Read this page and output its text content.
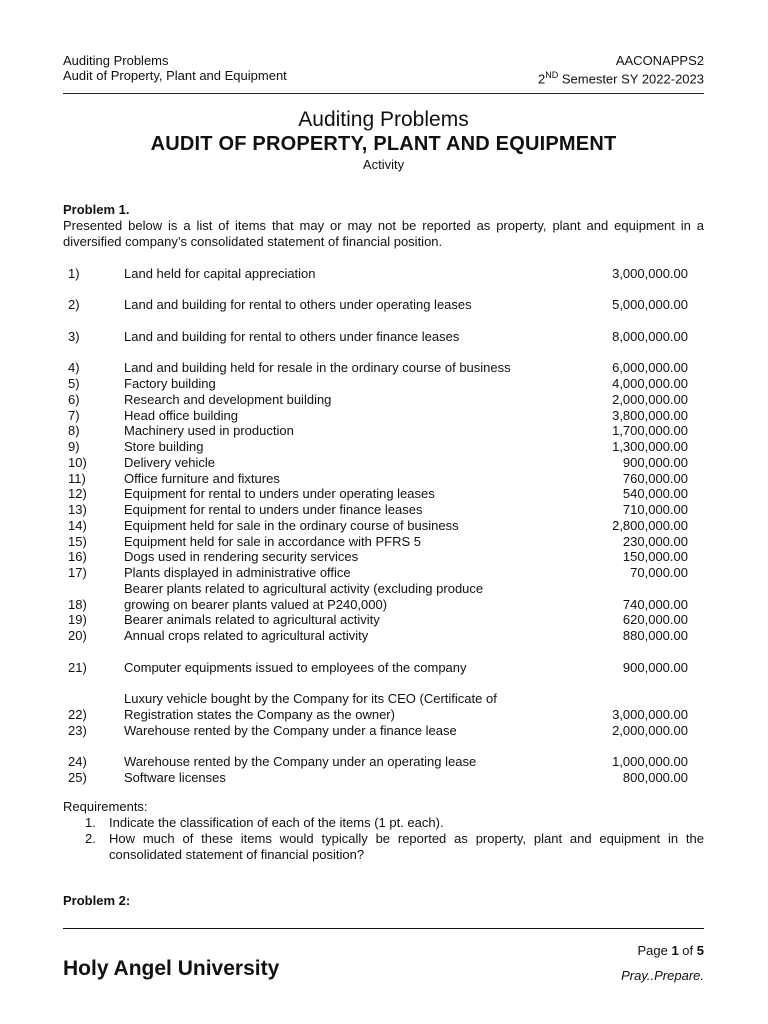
Auditing Problems
Audit of Property, Plant and Equipment
AACONAPPS2
2ND Semester SY 2022-2023
Auditing Problems
AUDIT OF PROPERTY, PLANT AND EQUIPMENT
Activity
Problem 1.
Presented below is a list of items that may or may not be reported as property, plant and equipment in a diversified company’s consolidated statement of financial position.
1)	Land held for capital appreciation	3,000,000.00
2)	Land and building for rental to others under operating leases	5,000,000.00
3)	Land and building for rental to others under finance leases	8,000,000.00
4)	Land and building held for resale in the ordinary course of business	6,000,000.00
5)	Factory building	4,000,000.00
6)	Research and development building	2,000,000.00
7)	Head office building	3,800,000.00
8)	Machinery used in production	1,700,000.00
9)	Store building	1,300,000.00
10)	Delivery vehicle	900,000.00
11)	Office furniture and fixtures	760,000.00
12)	Equipment for rental to unders under operating leases	540,000.00
13)	Equipment for rental to unders under finance leases	710,000.00
14)	Equipment held for sale in the ordinary course of business	2,800,000.00
15)	Equipment held for sale in accordance with PFRS 5	230,000.00
16)	Dogs used in rendering security services	150,000.00
17)	Plants displayed in administrative office	70,000.00
18)
Bearer plants related to agricultural activity (excluding produce
growing on bearer plants valued at P240,000)	740,000.00
19)	Bearer animals related to agricultural activity	620,000.00
20)	Annual crops related to agricultural activity	880,000.00
21)	Computer equipments issued to employees of the company	900,000.00
22)
Luxury vehicle bought by the Company for its CEO (Certificate of
Registration states the Company as the owner)	3,000,000.00
23)	Warehouse rented by the Company under a finance lease	2,000,000.00
24)	Warehouse rented by the Company under an operating lease	1,000,000.00
25)	Software licenses	800,000.00
Requirements:
1. Indicate the classification of each of the items (1 pt. each).
2. How much of these items would typically be reported as property, plant and equipment in the consolidated statement of financial position?
Problem 2:
Page 1 of 5
Holy Angel University	Pray..Prepare.
